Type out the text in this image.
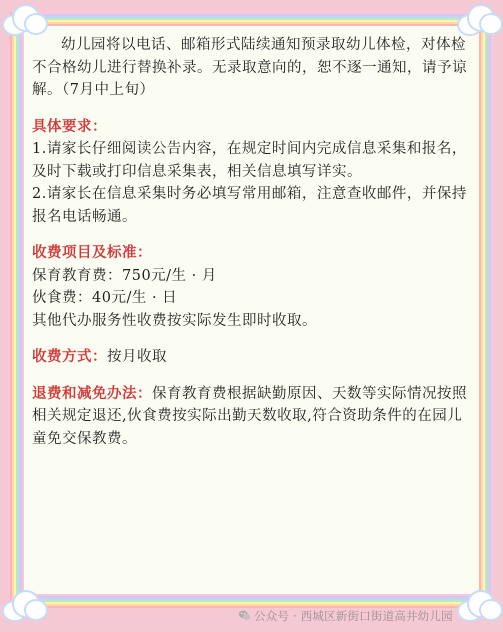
幼儿园将以电话、邮箱形式陆续通知预录取幼儿体检，对体检不合格幼儿进行替换补录。无录取意向的，恕不逐一通知，请予谅解。（7月中上旬）

具体要求：

1.请家长仔细阅读公告内容，在规定时间内完成信息采集和报名，及时下载或打印信息采集表，相关信息填写详实。

2.请家长在信息采集时务必填写常用邮箱，注意查收邮件，并保持报名电话畅通。

收费项目及标准：

保育教育费：750元/生 · 月

伙食费：40元/生 · 日

其他代办服务性收费按实际发生即时收取。

收费方式：按月收取

退费和减免办法：保育教育费根据缺勤原因、天数等实际情况按照相关规定退还,伙食费按实际出勤天数收取,符合资助条件的在园儿童免交保教费。

公众号 · 西城区新街口街道高井幼儿园
